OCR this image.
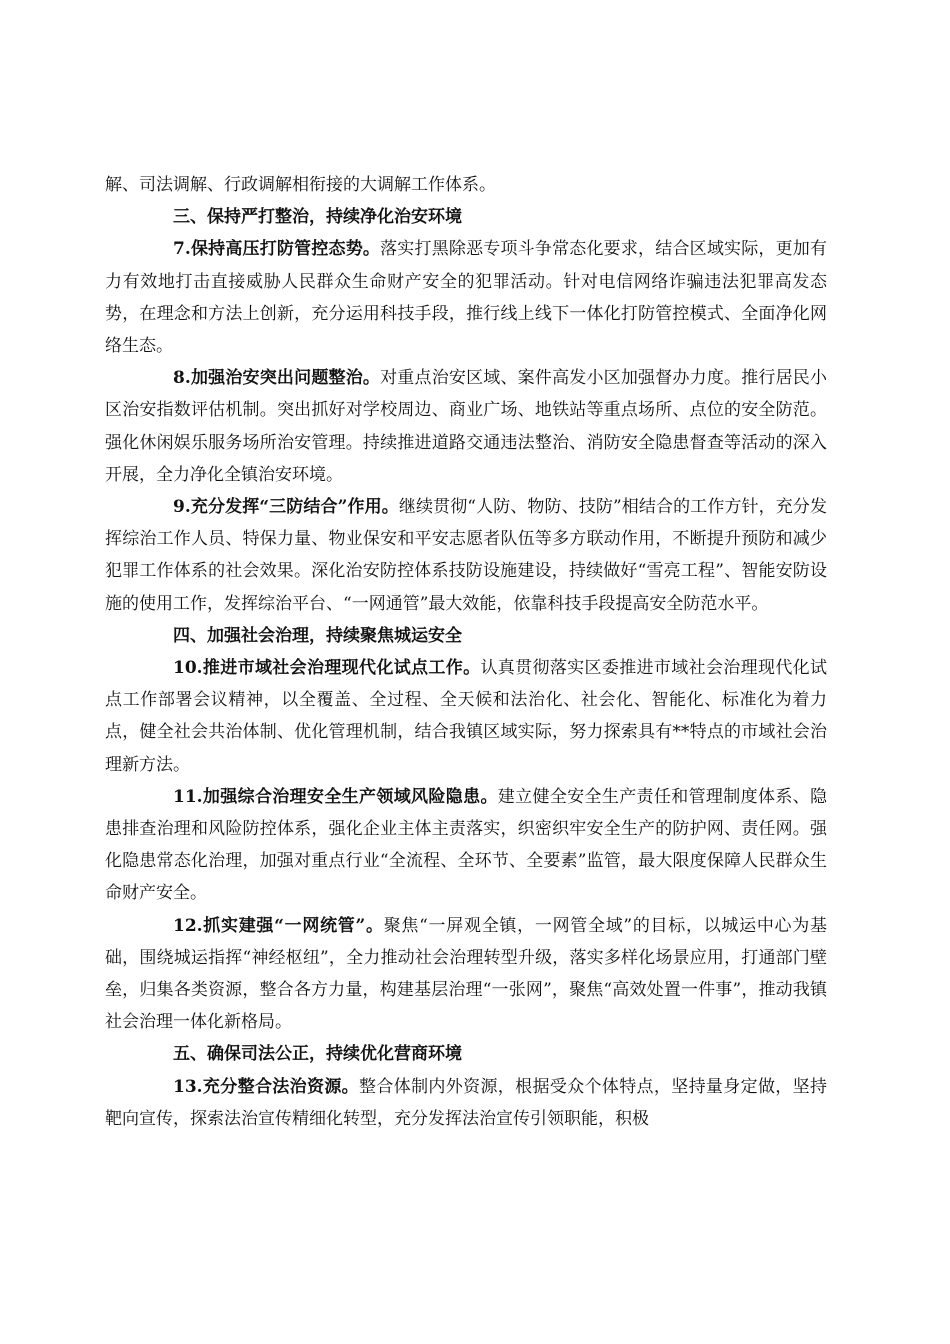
解、司法调解、行政调解相衔接的大调解工作体系。

三、保持严打整治，持续净化治安环境

7.保持高压打防管控态势。落实打黑除恶专项斗争常态化要求，结合区域实际，更加有力有效地打击直接威胁人民群众生命财产安全的犯罪活动。针对电信网络诈骗违法犯罪高发态势，在理念和方法上创新，充分运用科技手段，推行线上线下一体化打防管控模式、全面净化网络生态。

8.加强治安突出问题整治。对重点治安区域、案件高发小区加强督办力度。推行居民小区治安指数评估机制。突出抓好对学校周边、商业广场、地铁站等重点场所、点位的安全防范。强化休闲娱乐服务场所治安管理。持续推进道路交通违法整治、消防安全隐患督查等活动的深入开展，全力净化全镇治安环境。

9.充分发挥“三防结合”作用。继续贯彻“人防、物防、技防”相结合的工作方针，充分发挥综治工作人员、特保力量、物业保安和平安志愿者队伍等多方联动作用，不断提升预防和减少犯罪工作体系的社会效果。深化治安防控体系技防设施建设，持续做好“雪亮工程”、智能安防设施的使用工作，发挥综治平台、“一网通管”最大效能，依靠科技手段提高安全防范水平。

四、加强社会治理，持续聚焦城运安全

10.推进市域社会治理现代化试点工作。认真贯彻落实区委推进市域社会治理现代化试点工作部署会议精神，以全覆盖、全过程、全天候和法治化、社会化、智能化、标准化为着力点，健全社会共治体制、优化管理机制，结合我镇区域实际，努力探索具有**特点的市域社会治理新方法。

11.加强综合治理安全生产领域风险隐患。建立健全安全生产责任和管理制度体系、隐患排查治理和风险防控体系，强化企业主体主责落实，织密织牢安全生产的防护网、责任网。强化隐患常态化治理，加强对重点行业“全流程、全环节、全要素”监管，最大限度保障人民群众生命财产安全。

12.抓实建强“一网统管”。聚焦“一屏观全镇，一网管全域”的目标，以城运中心为基础，围绕城运指挥“神经枢纽”，全力推动社会治理转型升级，落实多样化场景应用，打通部门壁垒，归集各类资源，整合各方力量，构建基层治理“一张网”，聚焦“高效处置一件事”，推动我镇社会治理一体化新格局。

五、确保司法公正，持续优化营商环境

13.充分整合法治资源。整合体制内外资源，根据受众个体特点，坚持量身定做，坚持靶向宣传，探索法治宣传精细化转型，充分发挥法治宣传引领职能，积极
